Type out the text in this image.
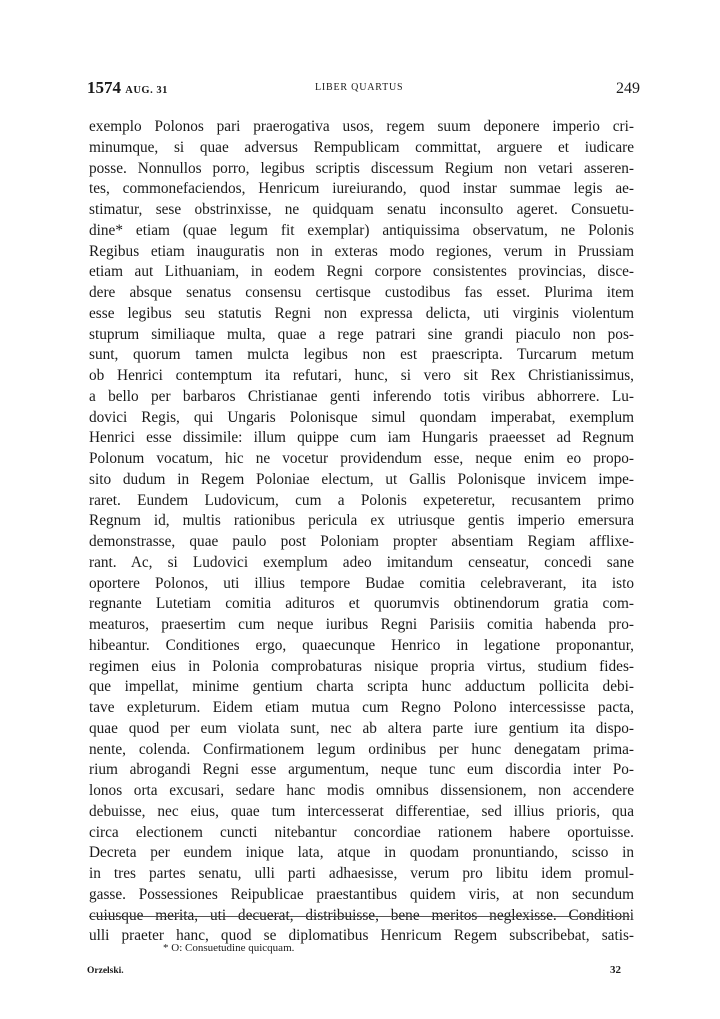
1574 AUG. 31	LIBER QUARTUS	249
exemplo Polonos pari praerogativa usos, regem suum deponere imperio cri-
minumque, si quae adversus Rempublicam committat, arguere et iudicare
posse. Nonnullos porro, legibus scriptis discessum Regium non vetari asseren-
tes, commonefaciendos, Henricum iureiurando, quod instar summae legis ae-
stimatur, sese obstrinxisse, ne quidquam senatu inconsulto ageret. Consuetu-
dine* etiam (quae legum fit exemplar) antiquissima observatum, ne Polonis
Regibus etiam inauguratis non in exteras modo regiones, verum in Prussiam
etiam aut Lithuaniam, in eodem Regni corpore consistentes provincias, disce-
dere absque senatus consensu certisque custodibus fas esset. Plurima item
esse legibus seu statutis Regni non expressa delicta, uti virginis violentum
stuprum similiaque multa, quae a rege patrari sine grandi piaculo non pos-
sunt, quorum tamen mulcta legibus non est praescripta. Turcarum metum
ob Henrici contemptum ita refutari, hunc, si vero sit Rex Christianissimus,
a bello per barbaros Christianae genti inferendo totis viribus abhorrere. Lu-
dovici Regis, qui Ungaris Polonisque simul quondam imperabat, exemplum
Henrici esse dissimile: illum quippe cum iam Hungaris praeesset ad Regnum
Polonum vocatum, hic ne vocetur providendum esse, neque enim eo propo-
sito dudum in Regem Poloniae electum, ut Gallis Polonisque invicem impe-
raret. Eundem Ludovicum, cum a Polonis expeteretur, recusantem primo
Regnum id, multis rationibus pericula ex utriusque gentis imperio emersura
demonstrasse, quae paulo post Poloniam propter absentiam Regiam afflixe-
rant. Ac, si Ludovici exemplum adeo imitandum censeatur, concedi sane
oportere Polonos, uti illius tempore Budae comitia celebraverant, ita isto
regnante Lutetiam comitia adituros et quorumvis obtinendorum gratia com-
meaturos, praesertim cum neque iuribus Regni Parisiis comitia habenda pro-
hibeantur. Conditiones ergo, quaecunque Henrico in legatione proponantur,
regimen eius in Polonia comprobaturas nisique propria virtus, studium fides-
que impellat, minime gentium charta scripta hunc adductum pollicita debi-
tave expleturum. Eidem etiam mutua cum Regno Polono intercessisse pacta,
quae quod per eum violata sunt, nec ab altera parte iure gentium ita dispo-
nente, colenda. Confirmationem legum ordinibus per hunc denegatam prima-
rium abrogandi Regni esse argumentum, neque tunc eum discordia inter Po-
lonos orta excusari, sedare hanc modis omnibus dissensionem, non accendere
debuisse, nec eius, quae tum intercesserat differentiae, sed illius prioris, qua
circa electionem cuncti nitebantur concordiae rationem habere oportuisse.
Decreta per eundem inique lata, atque in quodam pronuntiando, scisso in
in tres partes senatu, ulli parti adhaesisse, verum pro libitu idem promul-
gasse. Possessiones Reipublicae praestantibus quidem viris, at non secundum
cuiusque merita, uti decuerat, distribuisse, bene meritos neglexisse. Conditioni
ulli praeter hanc, quod se diplomatibus Henricum Regem subscribebat, satis-
* O: Consuetudine quicquam.
Orzelski.	32
